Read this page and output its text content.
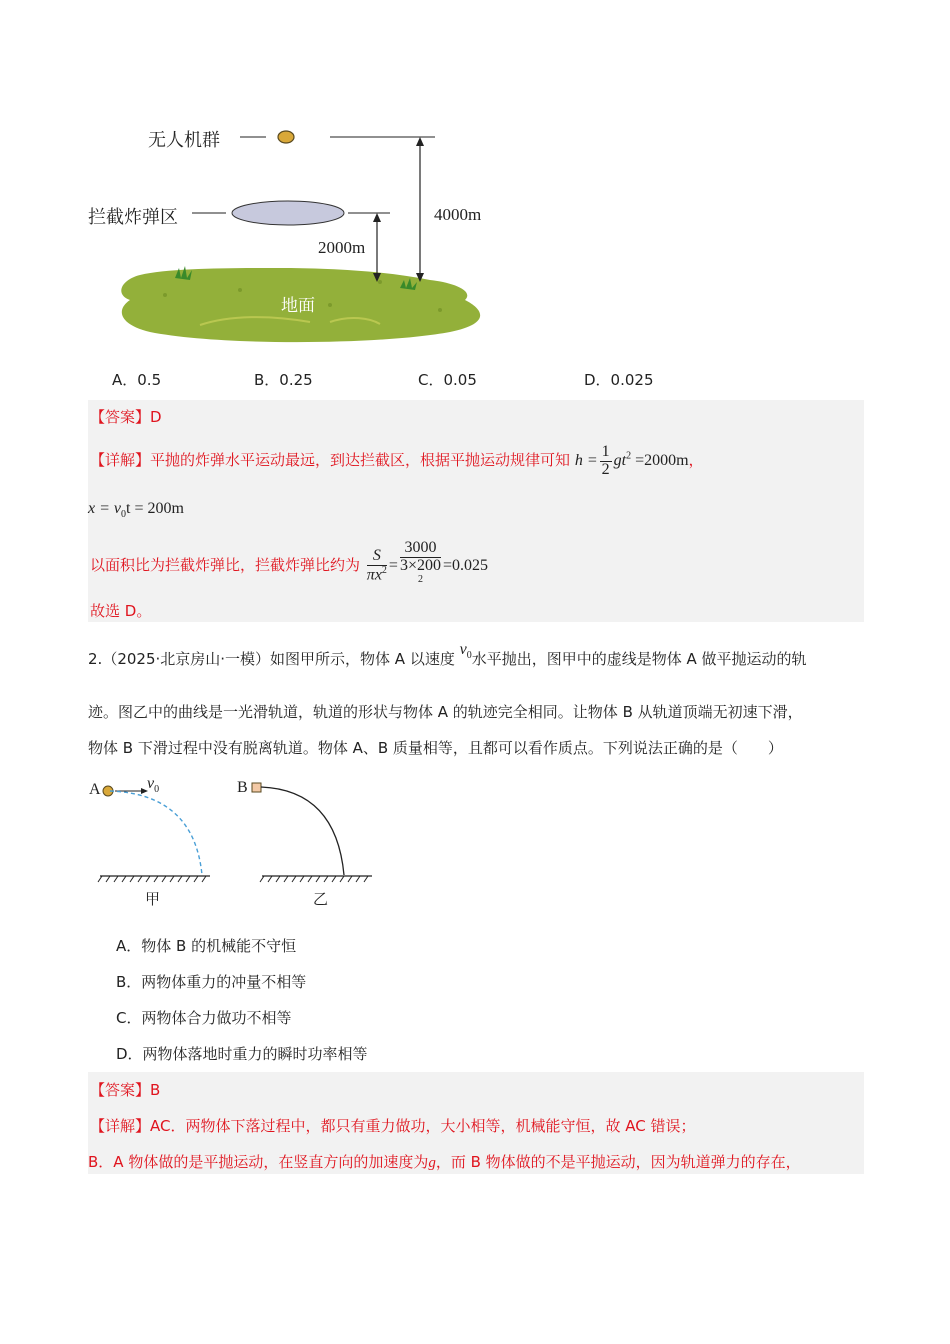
无人机群
拦截炸弹区	4000m
2000m
地面
A．0.5	B．0.25	C．0.05	D．0.025
【答案】D
【详解】平抛的炸弹水平运动最远，到达拦截区，根据平抛运动规律可知 $h = \frac{1}{2} gt^2 =2000m$，
$x = v_0t = 200m$
以面积比为拦截炸弹比，拦截炸弹比约为 $\frac{S}{\pi x^2} = 3000$
3×200
$^2$ =0.025
故选 D。
2.（2025·北京房山·一模）如图甲所示，物体 A 以速度 $v_0$水平抛出，图甲中的虚线是物体 A 做平抛运动的轨
迹。图乙中的曲线是一光滑轨道，轨道的形状与物体 A 的轨迹完全相同。让物体 B 从轨道顶端无初速下滑，
物体 B 下滑过程中没有脱离轨道。物体 A、B 质量相等，且都可以看作质点。下列说法正确的是（　　）
A	$v_0$	B
甲	乙
A．物体 B 的机械能不守恒
B．两物体重力的冲量不相等
C．两物体合力做功不相等
D．两物体落地时重力的瞬时功率相等
【答案】B
【详解】AC．两物体下落过程中，都只有重力做功，大小相等，机械能守恒，故 AC 错误；
B．A 物体做的是平抛运动，在竖直方向的加速度为g，而 B 物体做的不是平抛运动，因为轨道弹力的存在，
